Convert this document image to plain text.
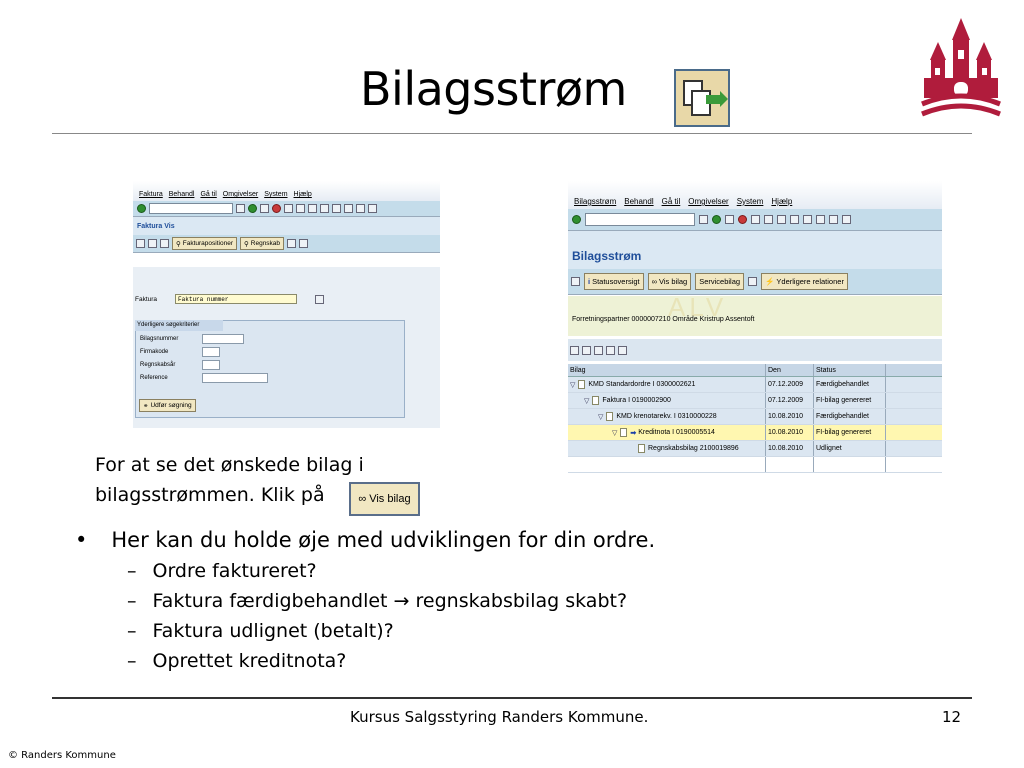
Bilagsstrøm
Faktura Behandl Gå til Omgivelser System Hjælp
Faktura Vis
⚲ Fakturapositioner ⚲ Regnskab
Faktura	Faktura nummer
Yderligere søgekriterier
Bilagsnummer
Firmakode
Regnskabsår
Reference
⚭ Udfør søgning
Bilagsstrøm Behandl Gå til Omgivelser System Hjælp
Bilagsstrøm
i Statusoversigt ∞ Vis bilag Servicebilag	⚡ Yderligere relationer
ALV
Forretningspartner 0000007210 Område Kristrup Assentoft
Bilag	Den	Status
▽ KMD Standardordre I 0300002621	07.12.2009	Færdigbehandlet
▽ Faktura I 0190002900	07.12.2009	FI-bilag genereret
▽ KMD krenotarekv. I 0310000228	10.08.2010	Færdigbehandlet
▽ ➡ Kreditnota I 0190005514	10.08.2010	FI-bilag genereret
Regnskabsbilag 2100019896	10.08.2010	Udlignet
For at se det ønskede bilag i
bilagsstrømmen. Klik på	∞ Vis bilag
• Her kan du holde øje med udviklingen for din ordre.
– Ordre faktureret?
– Faktura færdigbehandlet → regnskabsbilag skabt?
– Faktura udlignet (betalt)?
– Oprettet kreditnota?
Kursus Salgsstyring Randers Kommune.	12
© Randers Kommune
